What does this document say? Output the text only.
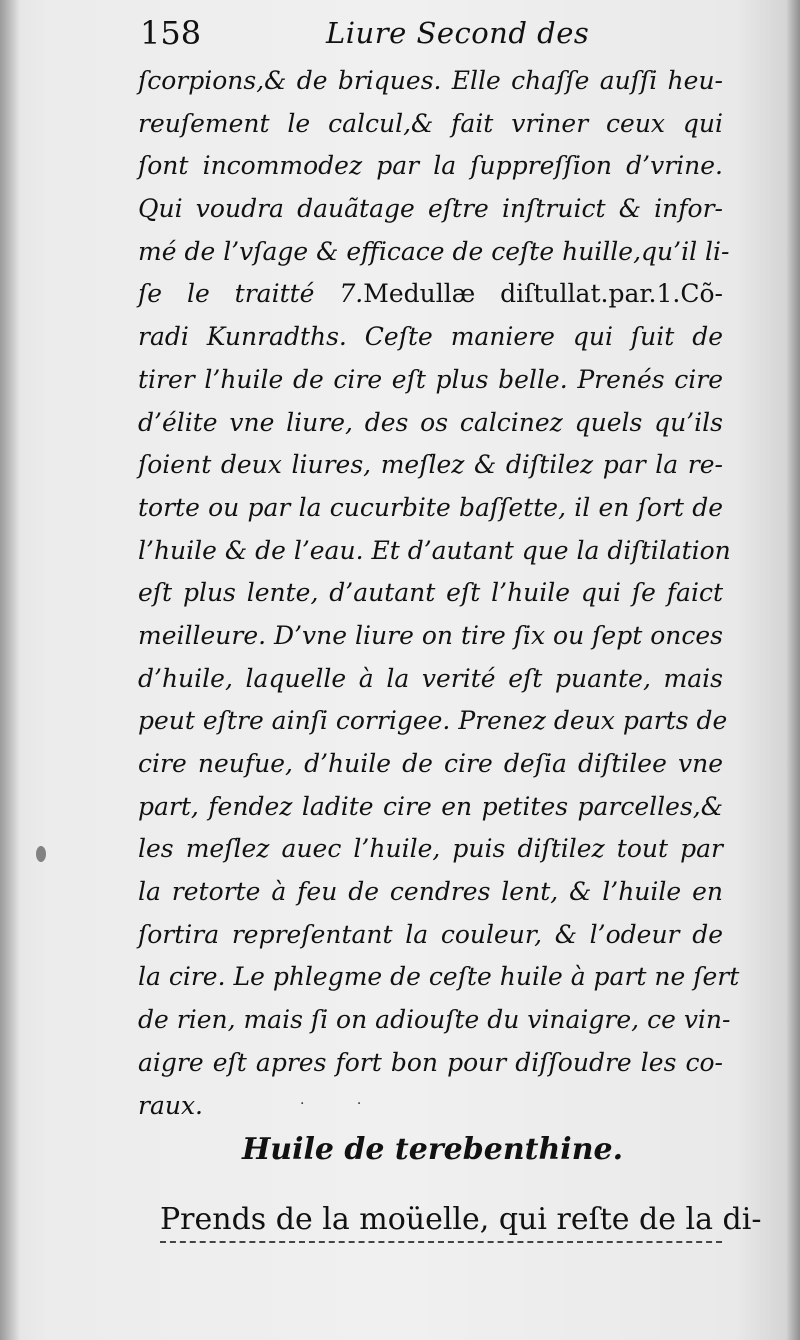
158	Liure Second des
ſcorpions,& de briques. Elle chaſſe auſſi heu-
reuſement le calcul,& fait vriner ceux qui
ſont incommodez par la ſuppreſſion d’vrine.
Qui voudra dauãtage eſtre inſtruict & infor-
mé de l’vſage & efficace de ceſte huille,qu’il li-
ſe le traitté 7.Medullæ diſtullat.par.1.Cõ-
radi Kunradths. Ceſte maniere qui ſuit de
tirer l’huile de cire eſt plus belle. Prenés cire
d’élite vne liure, des os calcinez quels qu’ils
ſoient deux liures, meſlez & diſtilez par la re-
torte ou par la cucurbite baſſette, il en ſort de
l’huile & de l’eau. Et d’autant que la diſtilation
eſt plus lente, d’autant eſt l’huile qui ſe faict
meilleure. D’vne liure on tire ſix ou ſept onces
d’huile, laquelle à la verité eſt puante, mais
peut eſtre ainſi corrigee. Prenez deux parts de
cire neufue, d’huile de cire deſia diſtilee vne
part, fendez ladite cire en petites parcelles,&
les meſlez auec l’huile, puis diſtilez tout par
la retorte à feu de cendres lent, & l’huile en
ſortira repreſentant la couleur, & l’odeur de
la cire. Le phlegme de ceſte huile à part ne ſert
de rien, mais ſi on adiouſte du vinaigre, ce vin-
aigre eſt apres fort bon pour diſſoudre les co-
raux.	· ·
Huile de terebenthine.
Prends de la moüelle, qui reſte de la di-
